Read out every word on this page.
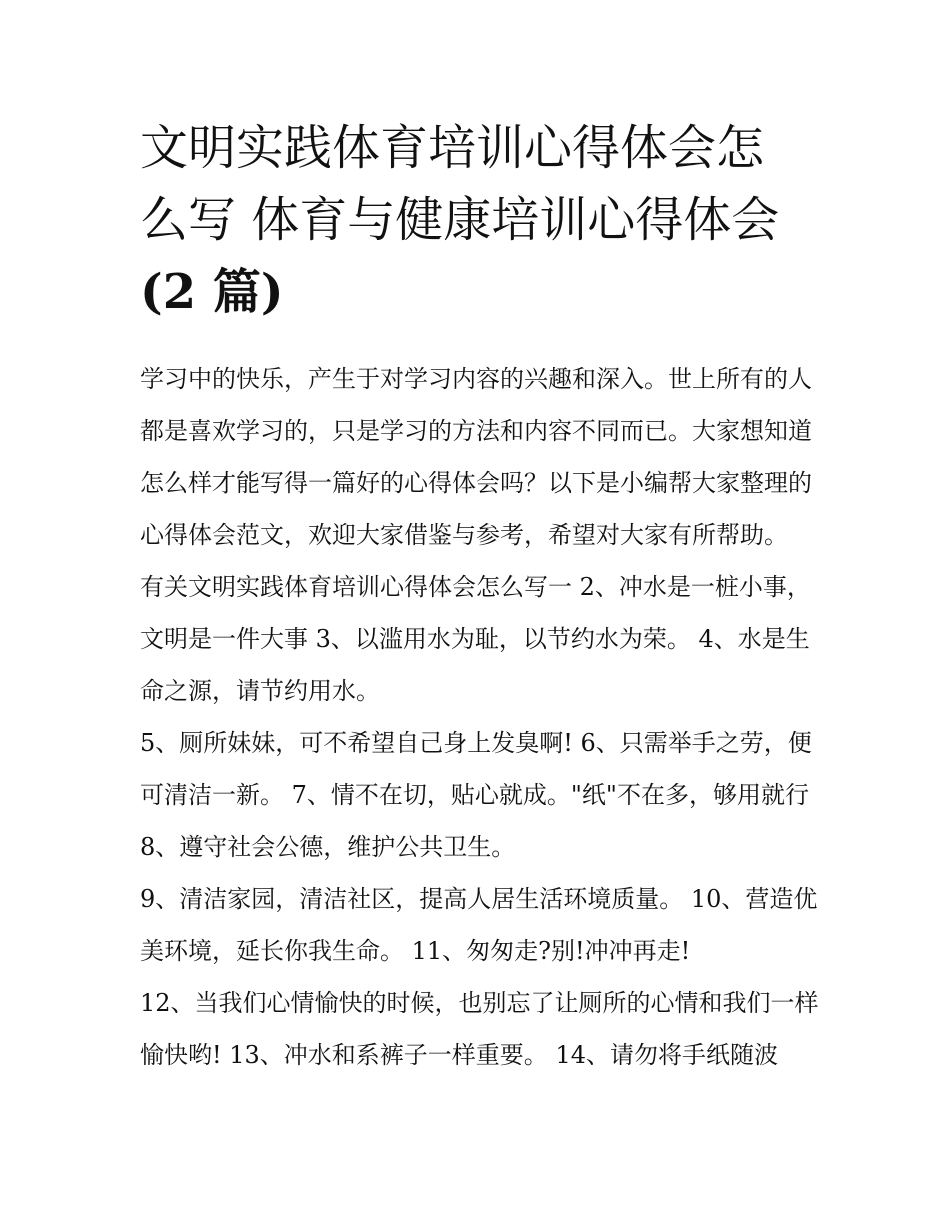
文明实践体育培训心得体会怎
么写 体育与健康培训心得体会
(2 篇)

学习中的快乐，产生于对学习内容的兴趣和深入。世上所有的人都是喜欢学习的，只是学习的方法和内容不同而已。大家想知道怎么样才能写得一篇好的心得体会吗？以下是小编帮大家整理的心得体会范文，欢迎大家借鉴与参考，希望对大家有所帮助。

有关文明实践体育培训心得体会怎么写一 2、冲水是一桩小事，文明是一件大事 3、以滥用水为耻，以节约水为荣。 4、水是生命之源，请节约用水。

5、厕所妹妹，可不希望自己身上发臭啊! 6、只需举手之劳，便可清洁一新。 7、情不在切，贴心就成。"纸"不在多，够用就行 8、遵守社会公德，维护公共卫生。

9、清洁家园，清洁社区，提高人居生活环境质量。 10、营造优美环境，延长你我生命。 11、匆匆走?别!冲冲再走!

12、当我们心情愉快的时候，也别忘了让厕所的心情和我们一样愉快哟! 13、冲水和系裤子一样重要。 14、请勿将手纸随波
